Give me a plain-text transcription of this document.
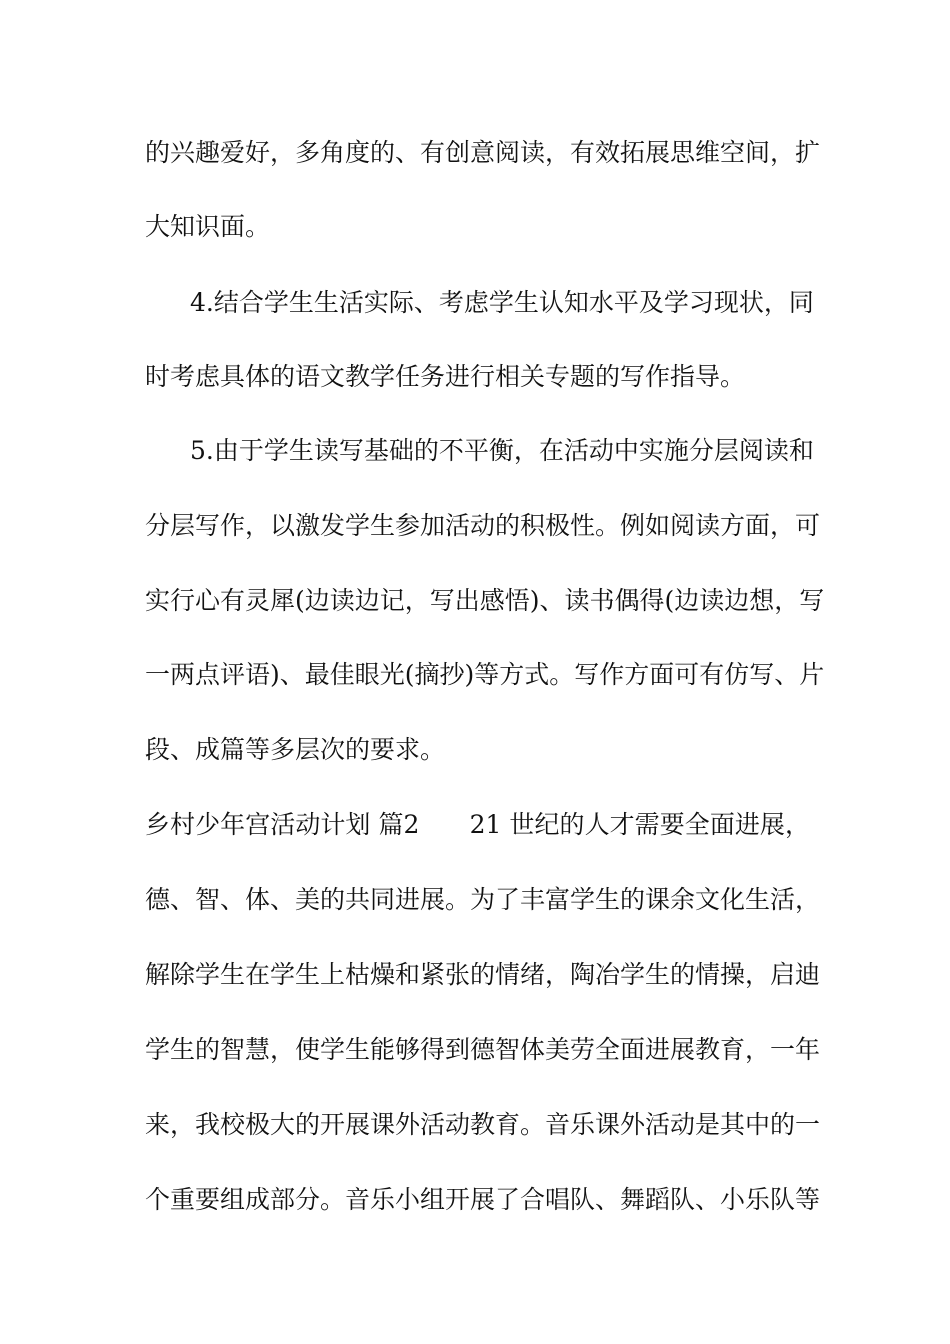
的兴趣爱好，多角度的、有创意阅读，有效拓展思维空间，扩
大知识面。
4.结合学生生活实际、考虑学生认知水平及学习现状，同
时考虑具体的语文教学任务进行相关专题的写作指导。
5.由于学生读写基础的不平衡，在活动中实施分层阅读和
分层写作，以激发学生参加活动的积极性。例如阅读方面，可
实行心有灵犀(边读边记，写出感悟)、读书偶得(边读边想，写
一两点评语)、最佳眼光(摘抄)等方式。写作方面可有仿写、片
段、成篇等多层次的要求。
乡村少年宫活动计划 篇2　　21 世纪的人才需要全面进展，
德、智、体、美的共同进展。为了丰富学生的课余文化生活，
解除学生在学生上枯燥和紧张的情绪，陶冶学生的情操，启迪
学生的智慧，使学生能够得到德智体美劳全面进展教育，一年
来，我校极大的开展课外活动教育。音乐课外活动是其中的一
个重要组成部分。音乐小组开展了合唱队、舞蹈队、小乐队等
